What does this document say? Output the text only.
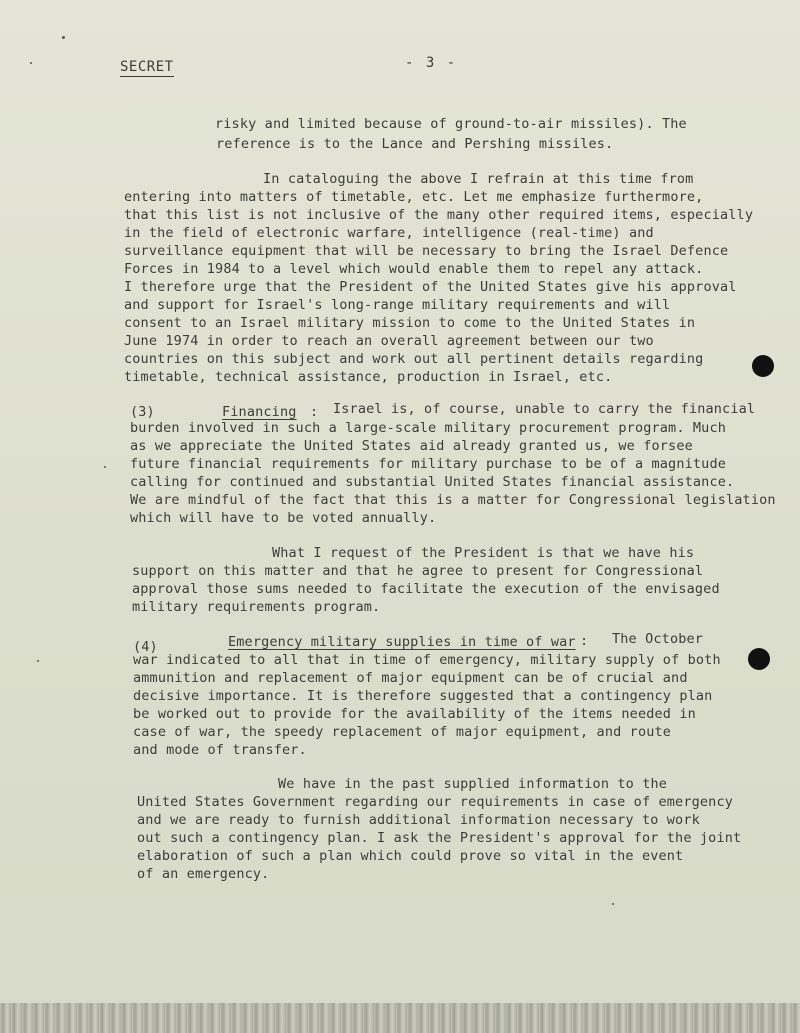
SECRET	- 3 -
risky and limited because of ground-to-air missiles). The
reference is to the Lance and Pershing missiles.
In cataloguing the above I refrain at this time from
entering into matters of timetable, etc. Let me emphasize furthermore,
that this list is not inclusive of the many other required items, especially
in the field of electronic warfare, intelligence (real-time) and
surveillance equipment that will be necessary to bring the Israel Defence
Forces in 1984 to a level which would enable them to repel any attack.
I therefore urge that the President of the United States give his approval
and support for Israel's long-range military requirements and will
consent to an Israel military mission to come to the United States in
June 1974 in order to reach an overall agreement between our two
countries on this subject and work out all pertinent details regarding
timetable, technical assistance, production in Israel, etc.
(3)	Financing : Israel is, of course, unable to carry the financial
burden involved in such a large-scale military procurement program. Much
as we appreciate the United States aid already granted us, we forsee
future financial requirements for military purchase to be of a magnitude
calling for continued and substantial United States financial assistance.
We are mindful of the fact that this is a matter for Congressional legislation
which will have to be voted annually.
What I request of the President is that we have his
support on this matter and that he agree to present for Congressional
approval those sums needed to facilitate the execution of the envisaged
military requirements program.
(4)	Emergency military supplies in time of war : The October
war indicated to all that in time of emergency, military supply of both
ammunition and replacement of major equipment can be of crucial and
decisive importance. It is therefore suggested that a contingency plan
be worked out to provide for the availability of the items needed in
case of war, the speedy replacement of major equipment, and route
and mode of transfer.
We have in the past supplied information to the
United States Government regarding our requirements in case of emergency
and we are ready to furnish additional information necessary to work
out such a contingency plan. I ask the President's approval for the joint
elaboration of such a plan which could prove so vital in the event
of an emergency.
